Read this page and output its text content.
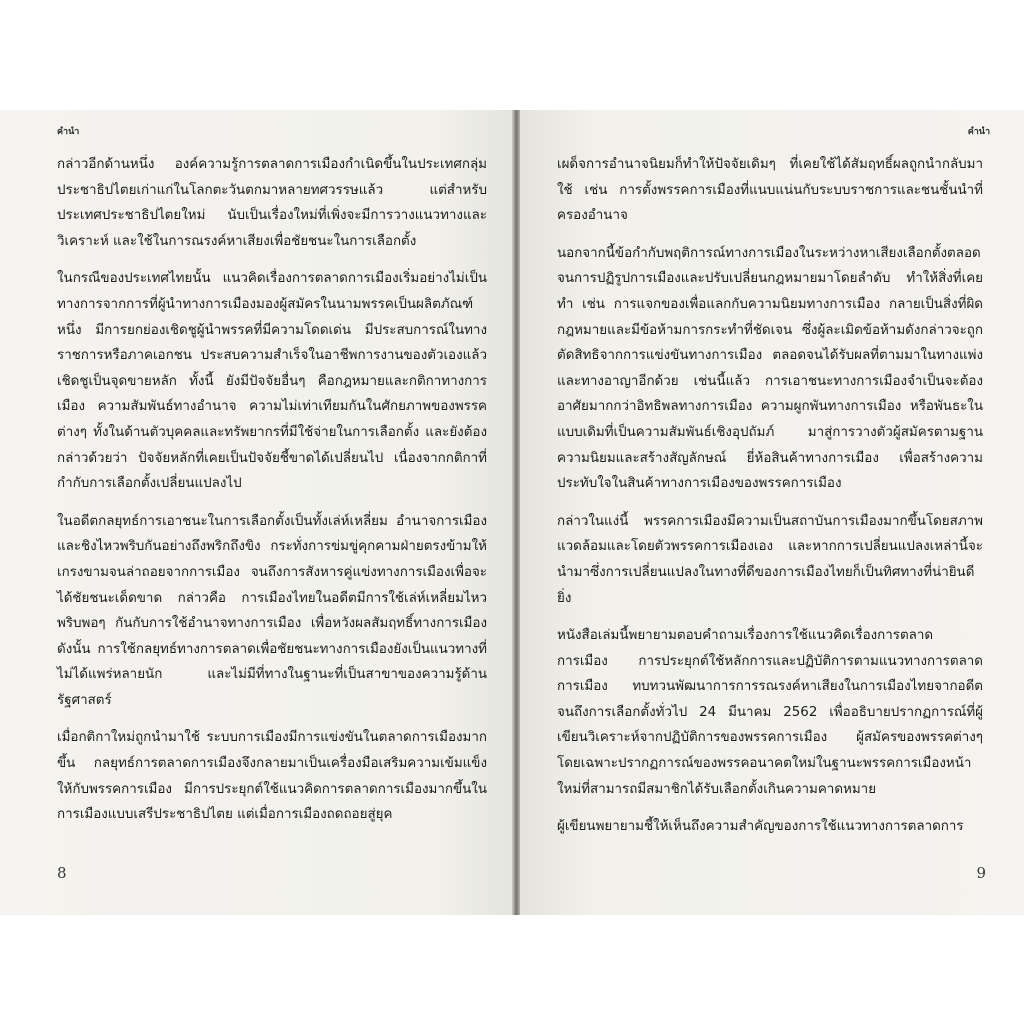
คำนำ

กล่าวอีกด้านหนึ่ง องค์ความรู้การตลาดการเมืองกำเนิดขึ้นในประเทศกลุ่มประชาธิปไตยเก่าแก่ในโลกตะวันตกมาหลายทศวรรษแล้ว แต่สำหรับประเทศประชาธิปไตยใหม่ นับเป็นเรื่องใหม่ที่เพิ่งจะมีการวางแนวทางและวิเคราะห์ และใช้ในการณรงค์หาเสียงเพื่อชัยชนะในการเลือกตั้ง

ในกรณีของประเทศไทยนั้น แนวคิดเรื่องการตลาดการเมืองเริ่มอย่างไม่เป็นทางการจากการที่ผู้นำทางการเมืองมองผู้สมัครในนามพรรคเป็นผลิตภัณฑ์หนึ่ง มีการยกย่องเชิดชูผู้นำพรรคที่มีความโดดเด่น มีประสบการณ์ในทางราชการหรือภาคเอกชน ประสบความสำเร็จในอาชีพการงานของตัวเองแล้วเชิดชูเป็นจุดขายหลัก ทั้งนี้ ยังมีปัจจัยอื่นๆ คือกฎหมายและกติกาทางการเมือง ความสัมพันธ์ทางอำนาจ ความไม่เท่าเทียมกันในศักยภาพของพรรคต่างๆ ทั้งในด้านตัวบุคคลและทรัพยากรที่มีใช้จ่ายในการเลือกตั้ง และยังต้องกล่าวด้วยว่า ปัจจัยหลักที่เคยเป็นปัจจัยชี้ขาดได้เปลี่ยนไป เนื่องจากกติกาที่กำกับการเลือกตั้งเปลี่ยนแปลงไป

ในอดีตกลยุทธ์การเอาชนะในการเลือกตั้งเป็นทั้งเล่ห์เหลี่ยม อำนาจการเมือง และชิงไหวพริบกันอย่างถึงพริกถึงขิง กระทั่งการข่มขู่คุกคามฝ่ายตรงข้ามให้เกรงขามจนล่าถอยจากการเมือง จนถึงการสังหารคู่แข่งทางการเมืองเพื่อจะได้ชัยชนะเด็ดขาด กล่าวคือ การเมืองไทยในอดีตมีการใช้เล่ห์เหลี่ยมไหวพริบพอๆ กันกับการใช้อำนาจทางการเมือง เพื่อหวังผลสัมฤทธิ์ทางการเมือง ดังนั้น การใช้กลยุทธ์ทางการตลาดเพื่อชัยชนะทางการเมืองยังเป็นแนวทางที่ไม่ได้แพร่หลายนัก และไม่มีที่ทางในฐานะที่เป็นสาขาของความรู้ด้านรัฐศาสตร์

เมื่อกติกาใหม่ถูกนำมาใช้ ระบบการเมืองมีการแข่งขันในตลาดการเมืองมากขึ้น กลยุทธ์การตลาดการเมืองจึงกลายมาเป็นเครื่องมือเสริมความเข้มแข็งให้กับพรรคการเมือง มีการประยุกต์ใช้แนวคิดการตลาดการเมืองมากขึ้นในการเมืองแบบเสรีประชาธิปไตย แต่เมื่อการเมืองถดถอยสู่ยุค

8
คำนำ

เผด็จการอำนาจนิยมก็ทำให้ปัจจัยเดิมๆ ที่เคยใช้ได้สัมฤทธิ์ผลถูกนำกลับมาใช้ เช่น การตั้งพรรคการเมืองที่แนบแน่นกับระบบราชการและชนชั้นนำที่ครองอำนาจ

นอกจากนี้ข้อกำกับพฤติการณ์ทางการเมืองในระหว่างหาเสียงเลือกตั้งตลอดจนการปฏิรูปการเมืองและปรับเปลี่ยนกฎหมายมาโดยลำดับ ทำให้สิ่งที่เคยทำ เช่น การแจกของเพื่อแลกกับความนิยมทางการเมือง กลายเป็นสิ่งที่ผิดกฎหมายและมีข้อห้ามการกระทำที่ชัดเจน ซึ่งผู้ละเมิดข้อห้ามดังกล่าวจะถูกตัดสิทธิจากการแข่งขันทางการเมือง ตลอดจนได้รับผลที่ตามมาในทางแพ่งและทางอาญาอีกด้วย เช่นนี้แล้ว การเอาชนะทางการเมืองจำเป็นจะต้องอาศัยมากกว่าอิทธิพลทางการเมือง ความผูกพันทางการเมือง หรือพันธะในแบบเดิมที่เป็นความสัมพันธ์เชิงอุปถัมภ์ มาสู่การวางตัวผู้สมัครตามฐานความนิยมและสร้างสัญลักษณ์ ยี่ห้อสินค้าทางการเมือง เพื่อสร้างความประทับใจในสินค้าทางการเมืองของพรรคการเมือง

กล่าวในแง่นี้ พรรคการเมืองมีความเป็นสถาบันการเมืองมากขึ้นโดยสภาพแวดล้อมและโดยตัวพรรคการเมืองเอง และหากการเปลี่ยนแปลงเหล่านี้จะนำมาซึ่งการเปลี่ยนแปลงในทางที่ดีของการเมืองไทยก็เป็นทิศทางที่น่ายินดียิ่ง

หนังสือเล่มนี้พยายามตอบคำถามเรื่องการใช้แนวคิดเรื่องการตลาดการเมือง การประยุกต์ใช้หลักการและปฏิบัติการตามแนวทางการตลาดการเมือง ทบทวนพัฒนาการการรณรงค์หาเสียงในการเมืองไทยจากอดีตจนถึงการเลือกตั้งทั่วไป 24 มีนาคม 2562 เพื่ออธิบายปรากฏการณ์ที่ผู้เขียนวิเคราะห์จากปฏิบัติการของพรรคการเมือง ผู้สมัครของพรรคต่างๆ โดยเฉพาะปรากฏการณ์ของพรรคอนาคตใหม่ในฐานะพรรคการเมืองหน้าใหม่ที่สามารถมีสมาชิกได้รับเลือกตั้งเกินความคาดหมาย

ผู้เขียนพยายามชี้ให้เห็นถึงความสำคัญของการใช้แนวทางการตลาดการ

9
